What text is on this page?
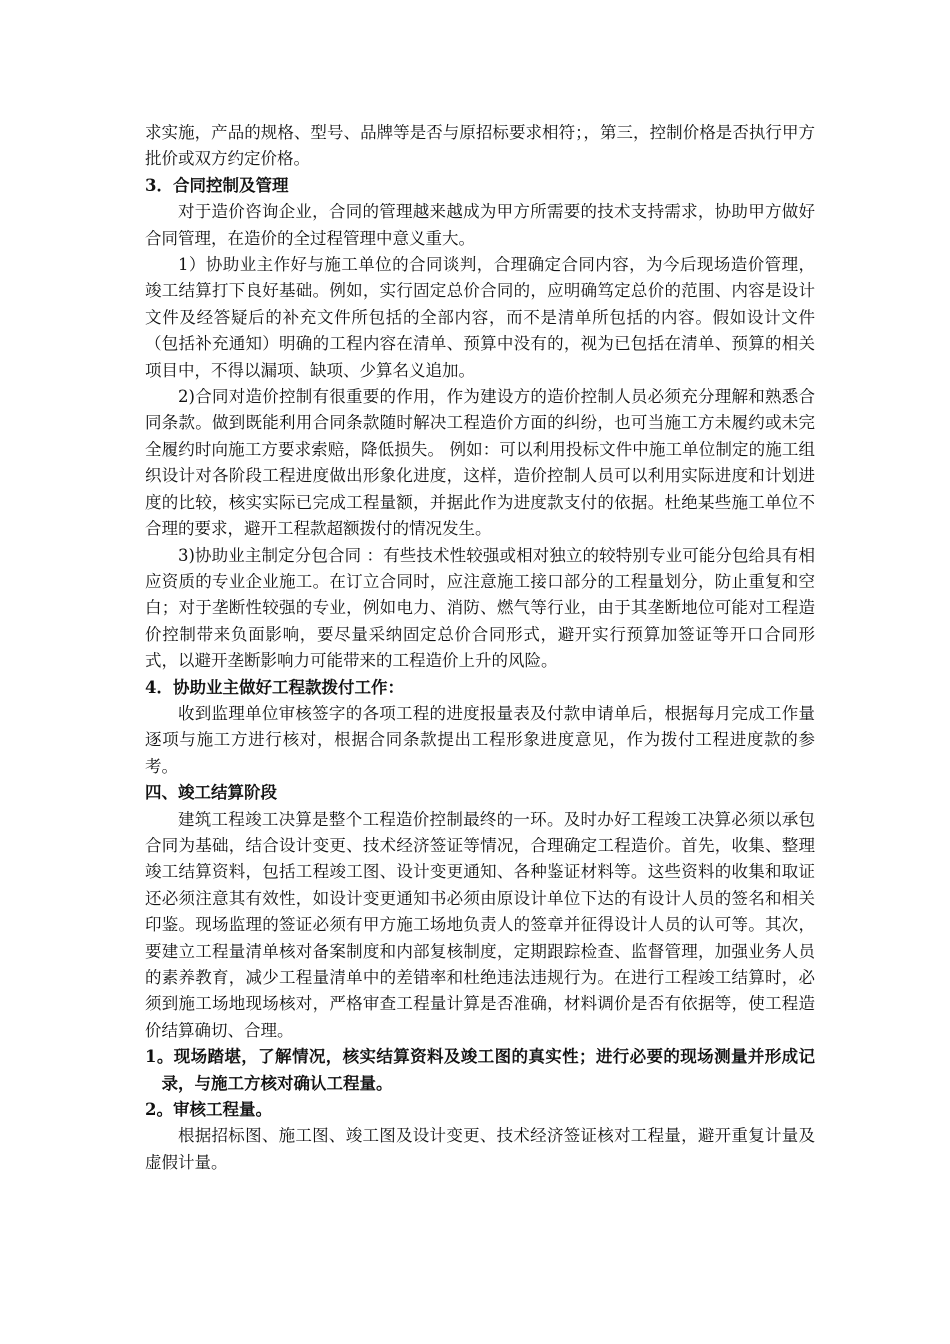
求实施，产品的规格、型号、品牌等是否与原招标要求相符；，第三，控制价格是否执行甲方批价或双方约定价格。

3．合同控制及管理

对于造价咨询企业，合同的管理越来越成为甲方所需要的技术支持需求，协助甲方做好合同管理，在造价的全过程管理中意义重大。

1）协助业主作好与施工单位的合同谈判，合理确定合同内容，为今后现场造价管理，竣工结算打下良好基础。例如，实行固定总价合同的，应明确笃定总价的范围、内容是设计文件及经答疑后的补充文件所包括的全部内容，而不是清单所包括的内容。假如设计文件（包括补充通知）明确的工程内容在清单、预算中没有的，视为已包括在清单、预算的相关项目中，不得以漏项、缺项、少算名义追加。

2)合同对造价控制有很重要的作用，作为建设方的造价控制人员必须充分理解和熟悉合同条款。做到既能利用合同条款随时解决工程造价方面的纠纷，也可当施工方未履约或未完全履约时向施工方要求索赔，降低损失。 例如：可以利用投标文件中施工单位制定的施工组织设计对各阶段工程进度做出形象化进度，这样，造价控制人员可以利用实际进度和计划进度的比较，核实实际已完成工程量额，并据此作为进度款支付的依据。杜绝某些施工单位不合理的要求，避开工程款超额拨付的情况发生。

3)协助业主制定分包合同 ：有些技术性较强或相对独立的较特别专业可能分包给具有相应资质的专业企业施工。在订立合同时，应注意施工接口部分的工程量划分，防止重复和空白；对于垄断性较强的专业，例如电力、消防、燃气等行业，由于其垄断地位可能对工程造价控制带来负面影响，要尽量采纳固定总价合同形式，避开实行预算加签证等开口合同形式，以避开垄断影响力可能带来的工程造价上升的风险。

4．协助业主做好工程款拨付工作：

收到监理单位审核签字的各项工程的进度报量表及付款申请单后，根据每月完成工作量逐项与施工方进行核对，根据合同条款提出工程形象进度意见，作为拨付工程进度款的参考。

四、竣工结算阶段

建筑工程竣工决算是整个工程造价控制最终的一环。及时办好工程竣工决算必须以承包合同为基础，结合设计变更、技术经济签证等情况，合理确定工程造价。首先，收集、整理竣工结算资料，包括工程竣工图、设计变更通知、各种鉴证材料等。这些资料的收集和取证还必须注意其有效性，如设计变更通知书必须由原设计单位下达的有设计人员的签名和相关印鉴。现场监理的签证必须有甲方施工场地负责人的签章并征得设计人员的认可等。其次，要建立工程量清单核对备案制度和内部复核制度，定期跟踪检查、监督管理，加强业务人员的素养教育，减少工程量清单中的差错率和杜绝违法违规行为。在进行工程竣工结算时，必须到施工场地现场核对，严格审查工程量计算是否准确，材料调价是否有依据等，使工程造价结算确切、合理。

1。现场踏堪，了解情况，核实结算资料及竣工图的真实性；进行必要的现场测量并形成记录，与施工方核对确认工程量。

2。审核工程量。

根据招标图、施工图、竣工图及设计变更、技术经济签证核对工程量，避开重复计量及虚假计量。
